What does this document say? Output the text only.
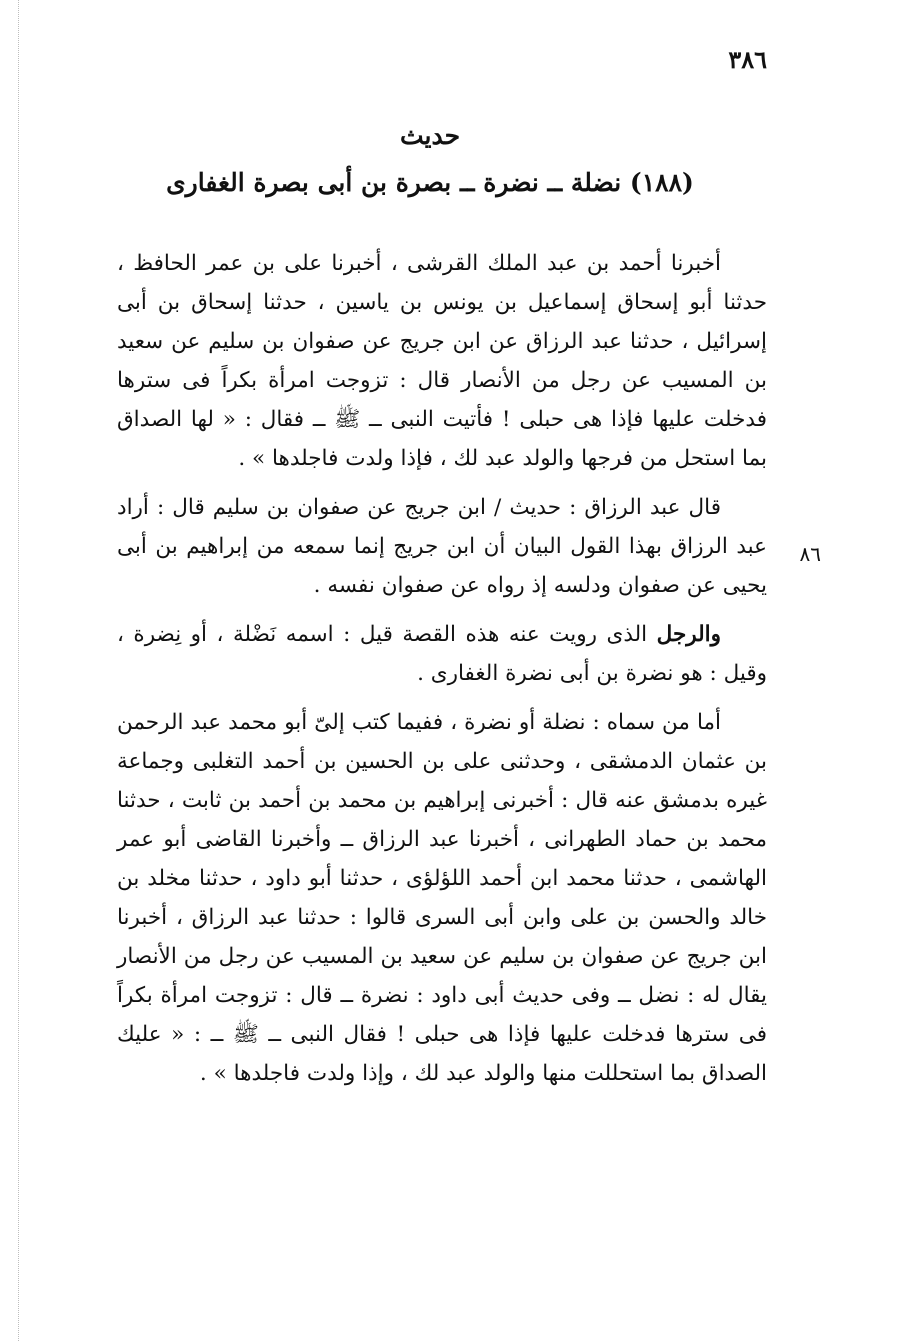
٣٨٦
حديث
(١٨٨) نضلة ــ نضرة ــ بصرة بن أبى بصرة الغفارى
٨٦

أخبرنا أحمد بن عبد الملك القرشى ، أخبرنا على بن عمر الحافظ ، حدثنا أبو إسحاق إسماعيل بن يونس بن ياسين ، حدثنا إسحاق بن أبى إسرائيل ، حدثنا عبد الرزاق عن ابن جريج عن صفوان بن سليم عن سعيد بن المسيب عن رجل من الأنصار قال : تزوجت امرأة بكراً فى سترها فدخلت عليها فإذا هى حبلى ! فأتيت النبى ــ ﷺ ــ فقال : « لها الصداق بما استحل من فرجها والولد عبد لك ، فإذا ولدت فاجلدها » .

قال عبد الرزاق : حديث / ابن جريج عن صفوان بن سليم قال : أراد عبد الرزاق بهذا القول البيان أن ابن جريج إنما سمعه من إبراهيم بن أبى يحيى عن صفوان ودلسه إذ رواه عن صفوان نفسه .

والرجل الذى رويت عنه هذه القصة قيل : اسمه نَضْلة ، أو نِضرة ، وقيل : هو نضرة بن أبى نضرة الغفارى .

أما من سماه : نضلة أو نضرة ، ففيما كتب إلىّ أبو محمد عبد الرحمن بن عثمان الدمشقى ، وحدثنى على بن الحسين بن أحمد التغلبى وجماعة غيره بدمشق عنه قال : أخبرنى إبراهيم بن محمد بن أحمد بن ثابت ، حدثنا محمد بن حماد الطهرانى ، أخبرنا عبد الرزاق ــ وأخبرنا القاضى أبو عمر الهاشمى ، حدثنا محمد ابن أحمد اللؤلؤى ، حدثنا أبو داود ، حدثنا مخلد بن خالد والحسن بن على وابن أبى السرى قالوا : حدثنا عبد الرزاق ، أخبرنا ابن جريج عن صفوان بن سليم عن سعيد بن المسيب عن رجل من الأنصار يقال له : نضل ــ وفى حديث أبى داود : نضرة ــ قال : تزوجت امرأة بكراً فى سترها فدخلت عليها فإذا هى حبلى ! فقال النبى ــ ﷺ ــ : « عليك الصداق بما استحللت منها والولد عبد لك ، وإذا ولدت فاجلدها » .
